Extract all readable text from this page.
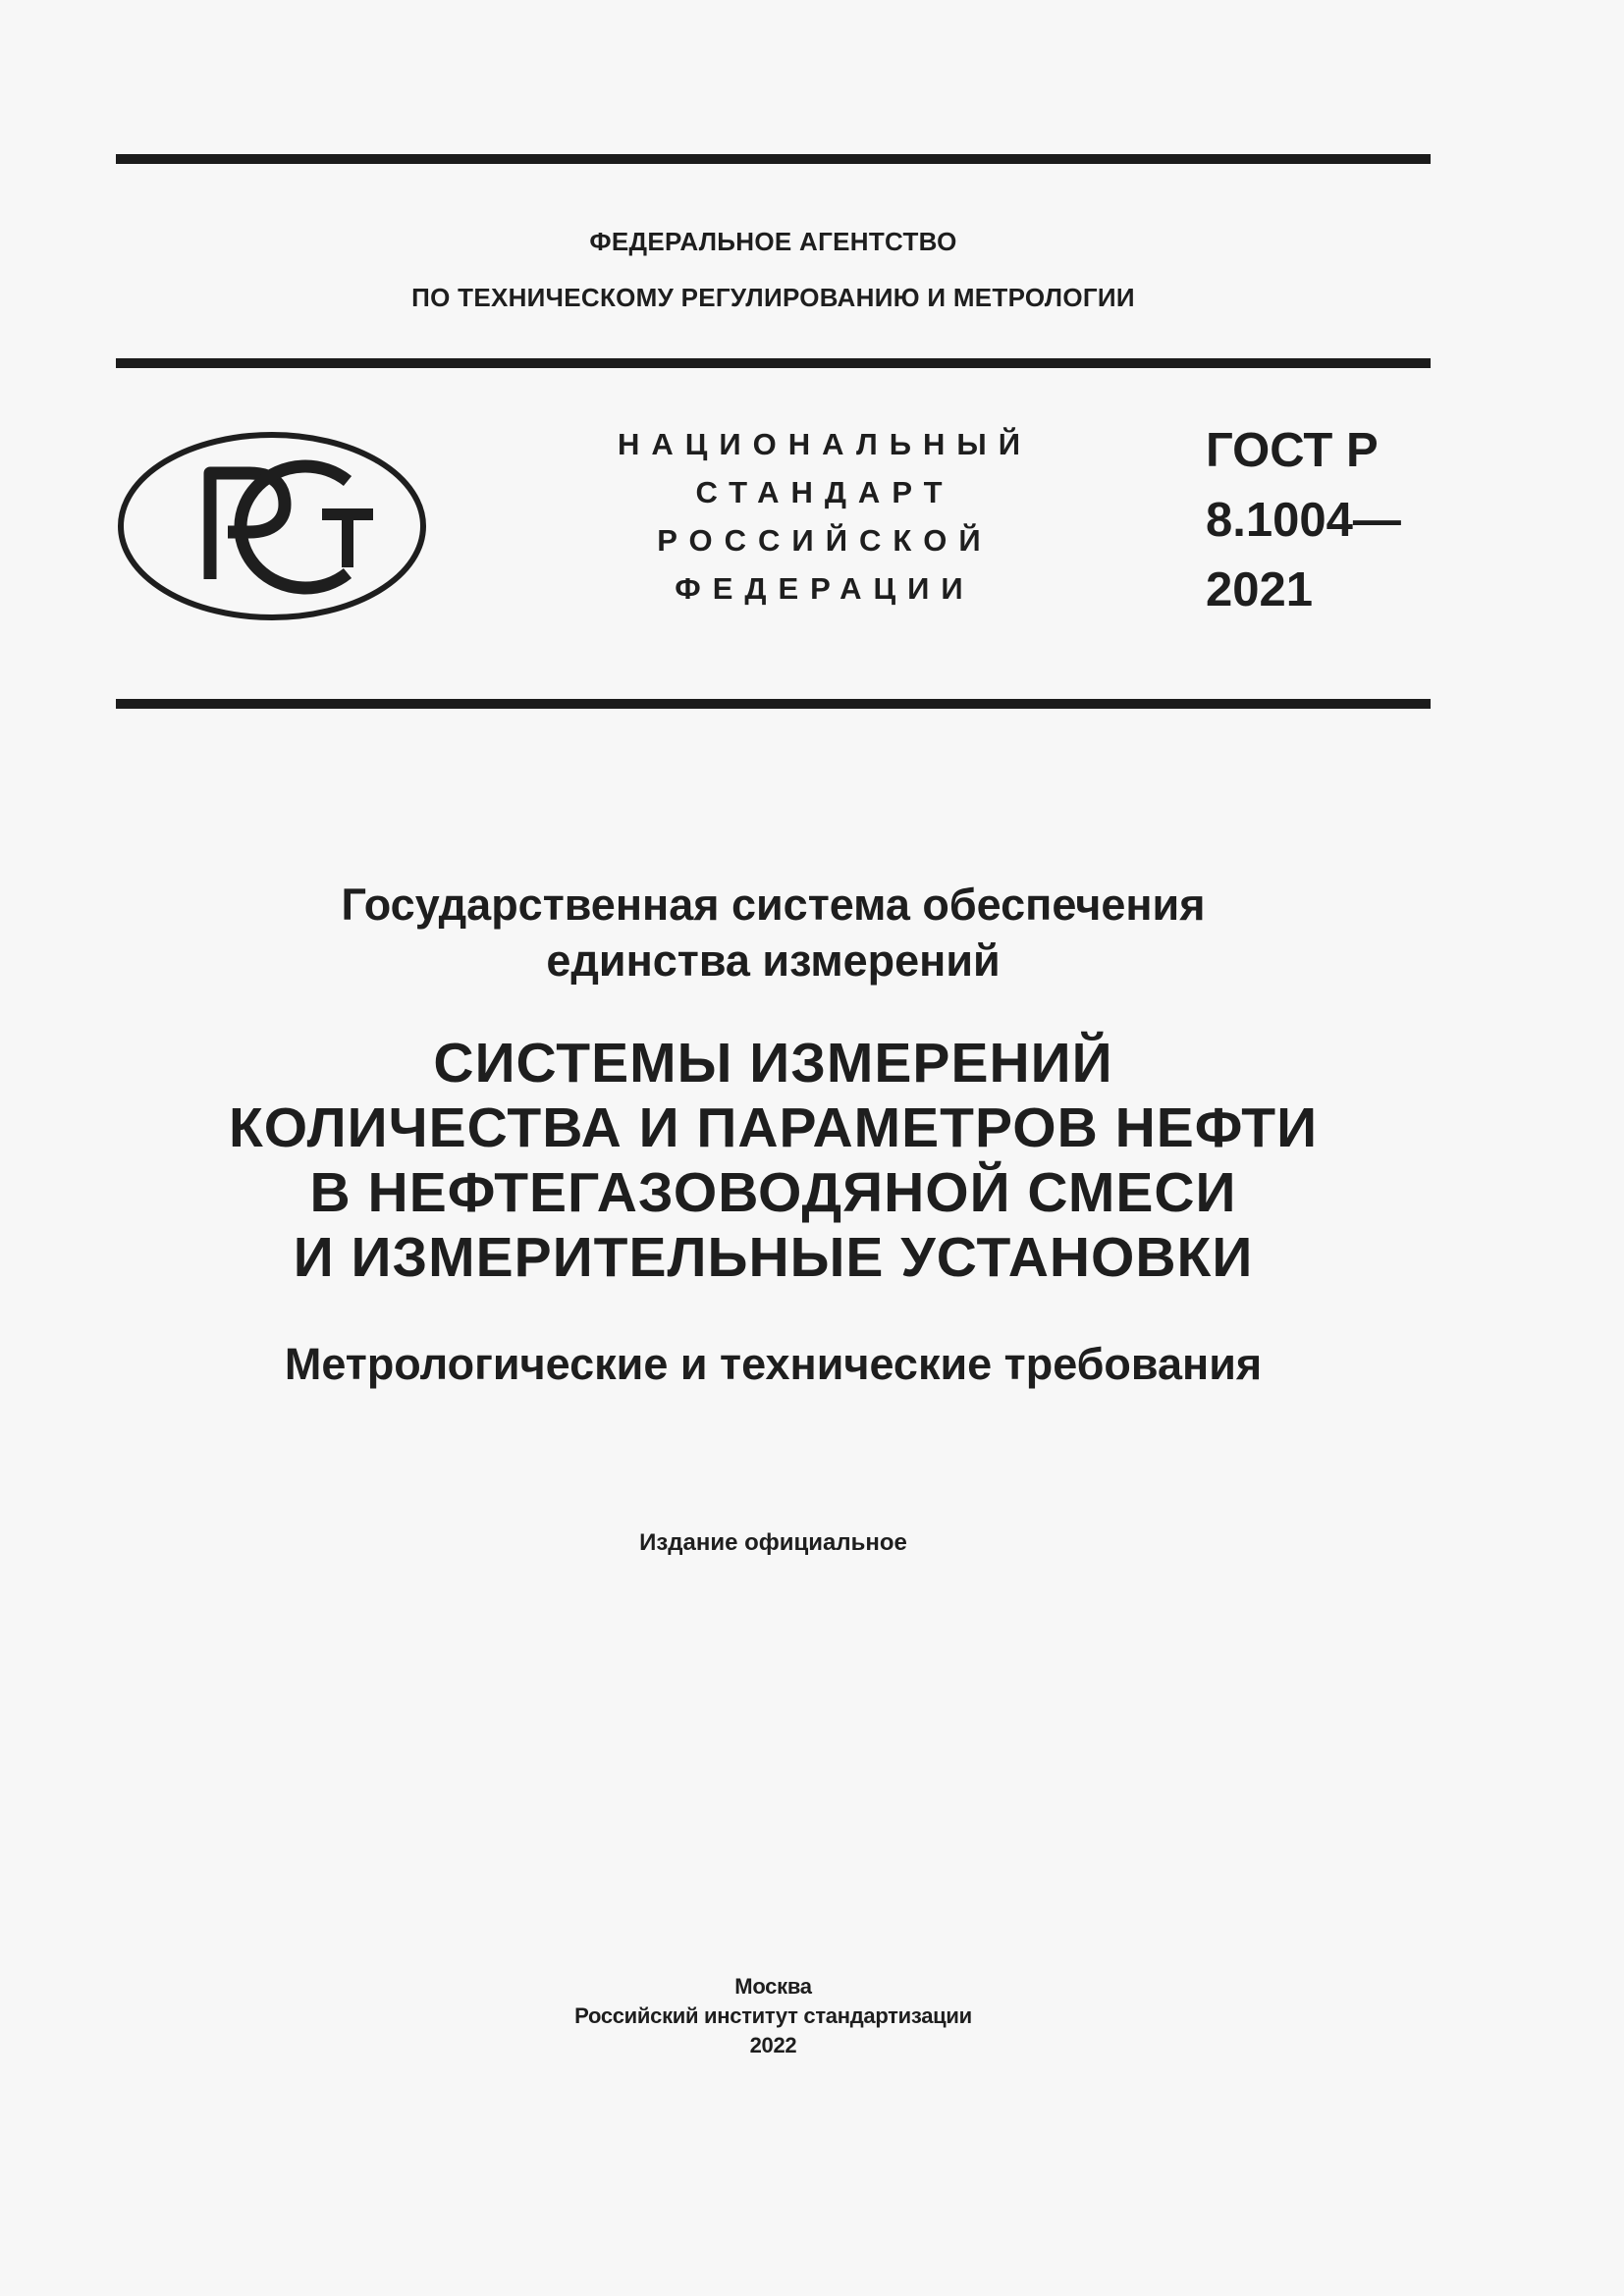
ФЕДЕРАЛЬНОЕ АГЕНТСТВО
ПО ТЕХНИЧЕСКОМУ РЕГУЛИРОВАНИЮ И МЕТРОЛОГИИ
НАЦИОНАЛЬНЫЙ
СТАНДАРТ
РОССИЙСКОЙ
ФЕДЕРАЦИИ
ГОСТ Р
8.1004—
2021
Государственная система обеспечения
единства измерений
СИСТЕМЫ ИЗМЕРЕНИЙ
КОЛИЧЕСТВА И ПАРАМЕТРОВ НЕФТИ
В НЕФТЕГАЗОВОДЯНОЙ СМЕСИ
И ИЗМЕРИТЕЛЬНЫЕ УСТАНОВКИ
Метрологические и технические требования
Издание официальное
Москва
Российский институт стандартизации
2022
